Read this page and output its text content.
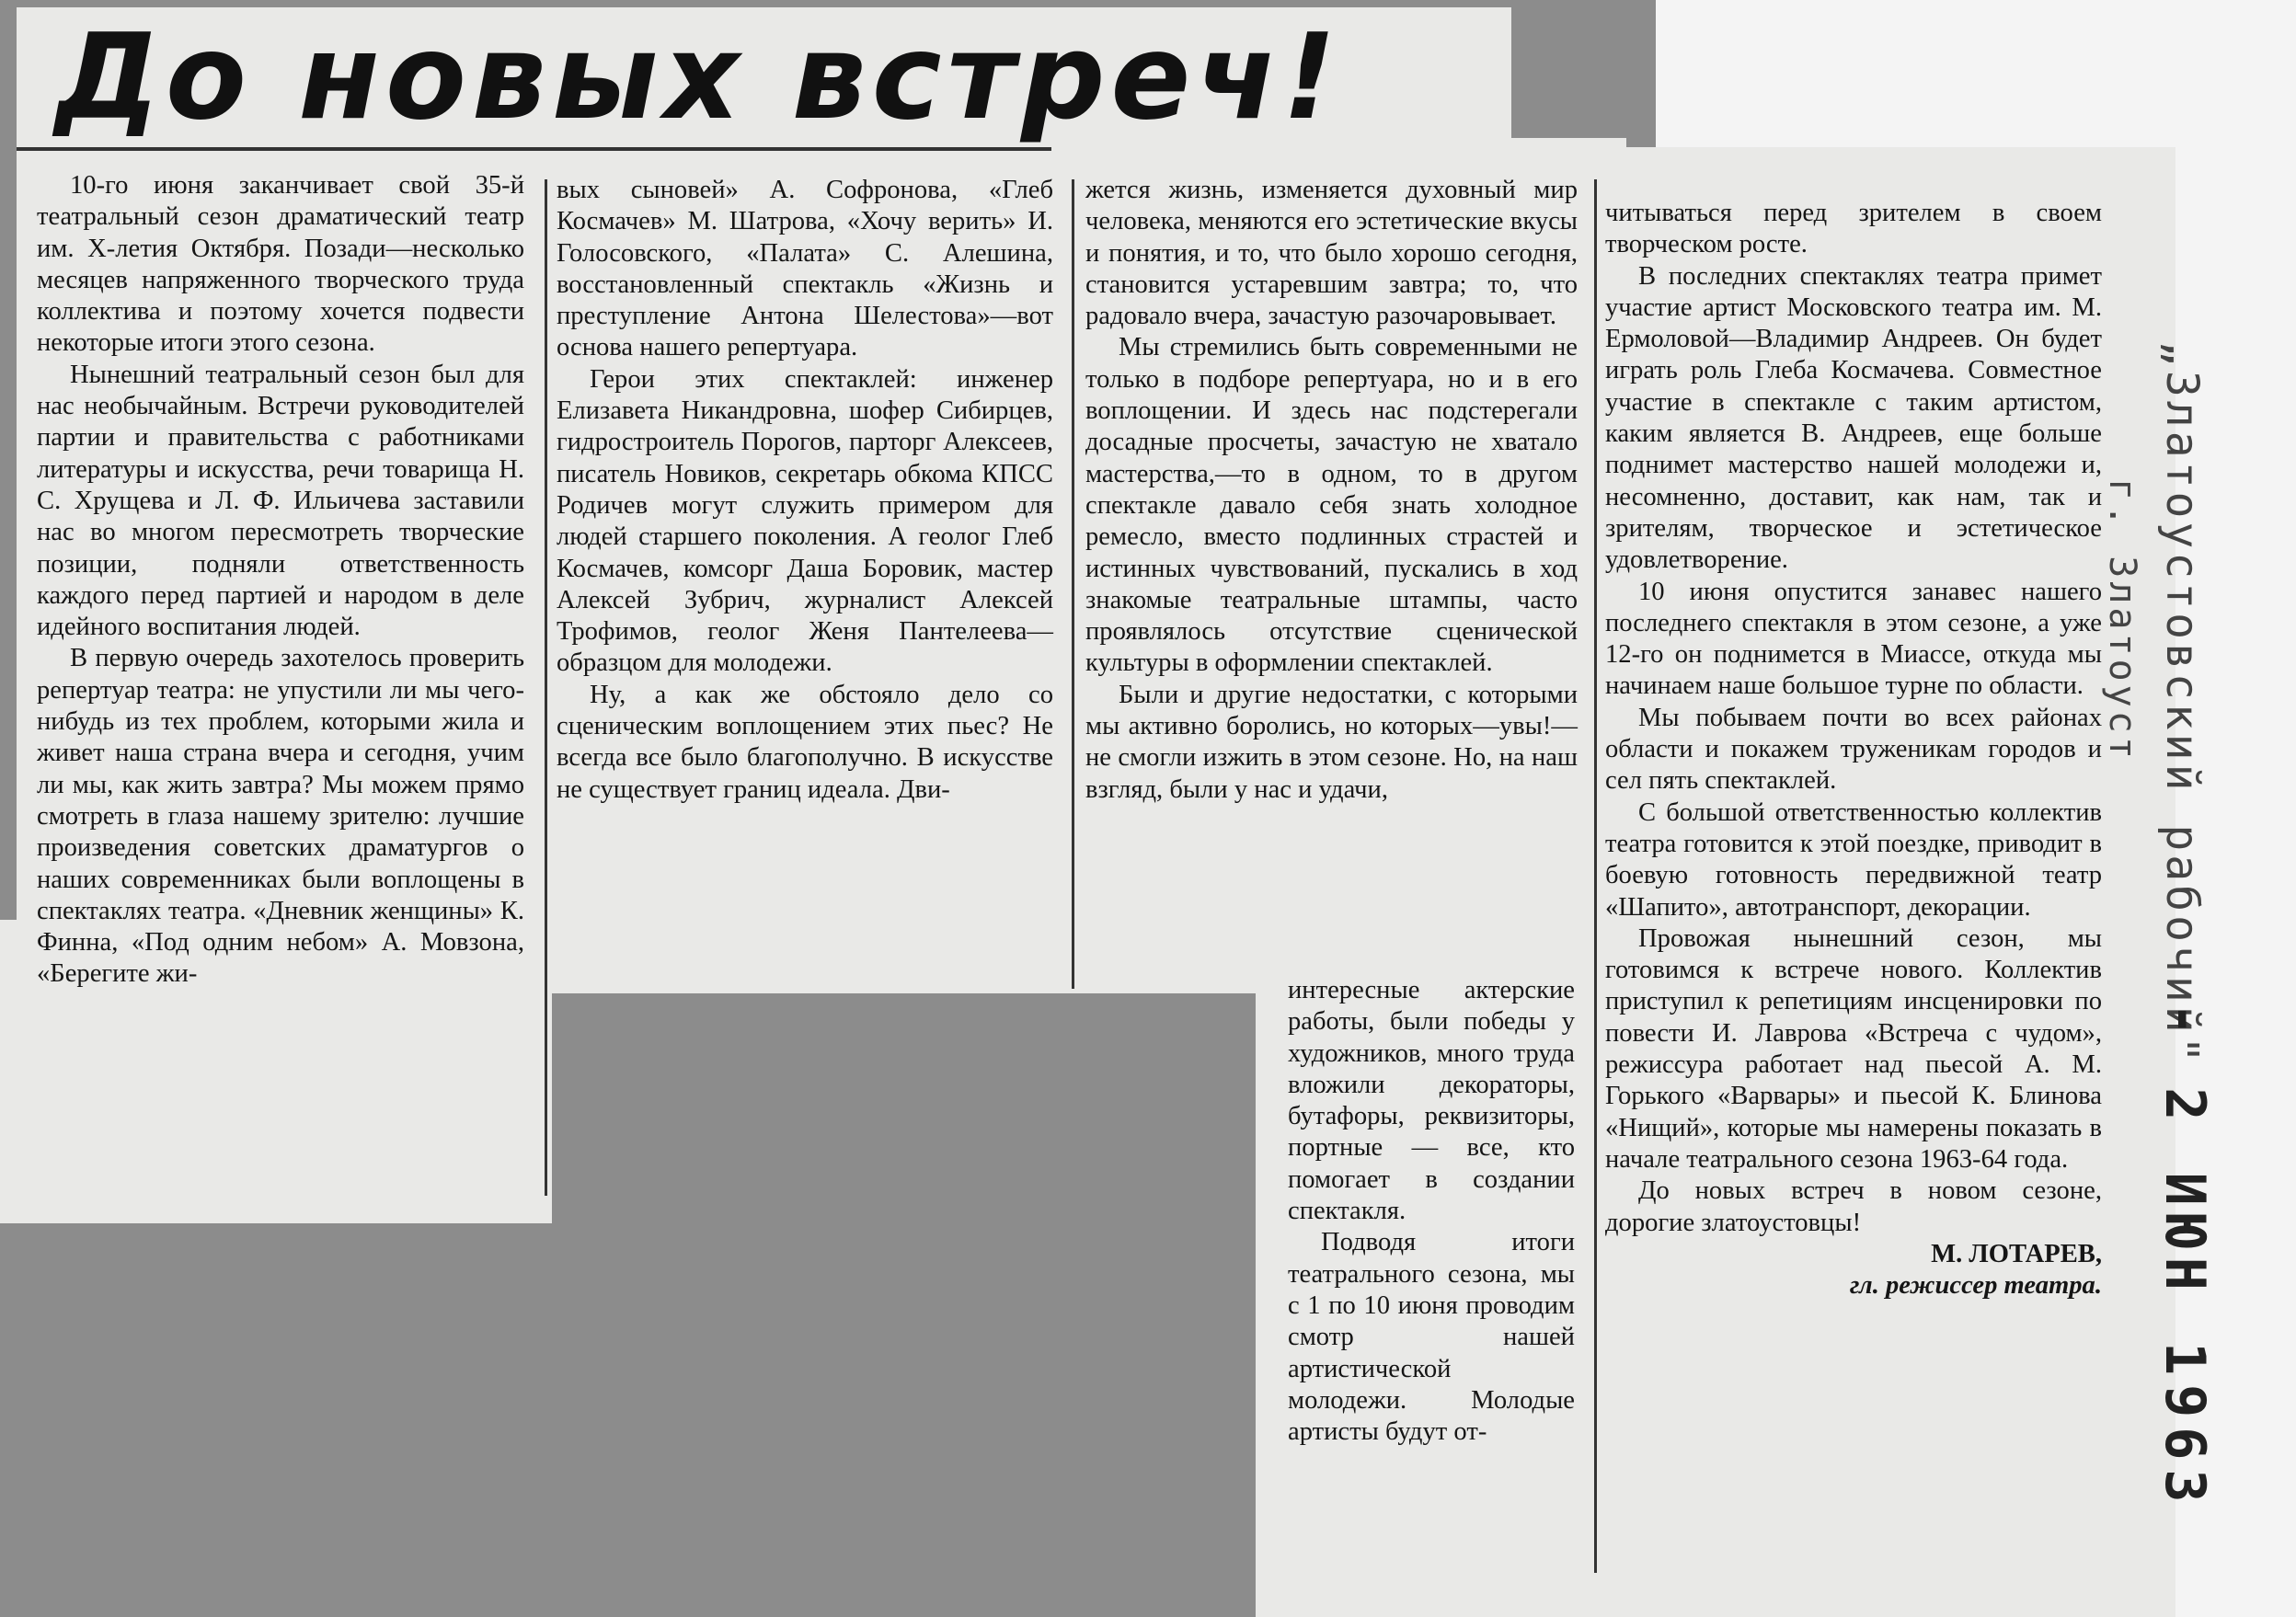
До новых встреч!

10-го июня заканчивает свой 35-й театральный сезон драматический театр им. Х-летия Октября. Позади—несколько месяцев напряженного творческого труда коллектива и поэтому хочется подвести некоторые итоги этого сезона.

Нынешний театральный сезон был для нас необычайным. Встречи руководителей партии и правительства с работниками литературы и искусства, речи товарища Н. С. Хрущева и Л. Ф. Ильичева заставили нас во многом пересмотреть творческие позиции, подняли ответственность каждого перед партией и народом в деле идейного воспитания людей.

В первую очередь захотелось проверить репертуар театра: не упустили ли мы чего-нибудь из тех проблем, которыми жила и живет наша страна вчера и сегодня, учим ли мы, как жить завтра? Мы можем прямо смотреть в глаза нашему зрителю: лучшие произведения советских драматургов о наших современниках были воплощены в спектаклях театра. «Дневник женщины» К. Финна, «Под одним небом» А. Мовзона, «Берегите жи-

вых сыновей» А. Софронова, «Глеб Космачев» М. Шатрова, «Хочу верить» И. Голосовского, «Палата» С. Алешина, восстановленный спектакль «Жизнь и преступление Антона Шелестова»—вот основа нашего репертуара.

Герои этих спектаклей: инженер Елизавета Никандровна, шофер Сибирцев, гидростроитель Порогов, парторг Алексеев, писатель Новиков, секретарь обкома КПСС Родичев могут служить примером для людей старшего поколения. А геолог Глеб Космачев, комсорг Даша Боровик, мастер Алексей Зубрич, журналист Алексей Трофимов, геолог Женя Пантелеева—образцом для молодежи.

Ну, а как же обстояло дело со сценическим воплощением этих пьес? Не всегда все было благополучно. В искусстве не существует границ идеала. Дви-

жется жизнь, изменяется духовный мир человека, меняются его эстетические вкусы и понятия, и то, что было хорошо сегодня, становится устаревшим завтра; то, что радовало вчера, зачастую разочаровывает.

Мы стремились быть современными не только в подборе репертуара, но и в его воплощении. И здесь нас подстерегали досадные просчеты, зачастую не хватало мастерства,—то в одном, то в другом спектакле давало себя знать холодное ремесло, вместо подлинных страстей и истинных чувствований, пускались в ход знакомые театральные штампы, часто проявлялось отсутствие сценической культуры в оформлении спектаклей.

Были и другие недостатки, с которыми мы активно боролись, но которых—увы!—не смогли изжить в этом сезоне. Но, на наш взгляд, были у нас и удачи,

интересные актерские работы, были победы у художников, много труда вложили декораторы, бутафоры, реквизиторы, портные — все, кто помогает в создании спектакля.

Подводя итоги театрального сезона, мы с 1 по 10 июня проводим смотр нашей артистической молодежи. Молодые артисты будут от-

читываться перед зрителем в своем творческом росте.

В последних спектаклях театра примет участие артист Московского театра им. М. Ермоловой—Владимир Андреев. Он будет играть роль Глеба Космачева. Совместное участие в спектакле с таким артистом, каким является В. Андреев, еще больше поднимет мастерство нашей молодежи и, несомненно, доставит, как нам, так и зрителям, творческое и эстетическое удовлетворение.

10 июня опустится занавес нашего последнего спектакля в этом сезоне, а уже 12-го он поднимется в Миассе, откуда мы начинаем наше большое турне по области.

Мы побываем почти во всех районах области и покажем труженикам городов и сел пять спектаклей.

С большой ответственностью коллектив театра готовится к этой поездке, приводит в боевую готовность передвижной театр «Шапито», автотранспорт, декорации.

Провожая нынешний сезон, мы готовимся к встрече нового. Коллектив приступил к репетициям инсценировки по повести И. Лаврова «Встреча с чудом», режиссура работает над пьесой А. М. Горького «Варвары» и пьесой К. Блинова «Нищий», которые мы намерены показать в начале театрального сезона 1963-64 года.

До новых встреч в новом сезоне, дорогие златоустовцы!

М. ЛОТАРЕВ,
гл. режиссер театра.
„Златоустовский рабочий"
г. Златоуст
- 2 ИЮН 1963
